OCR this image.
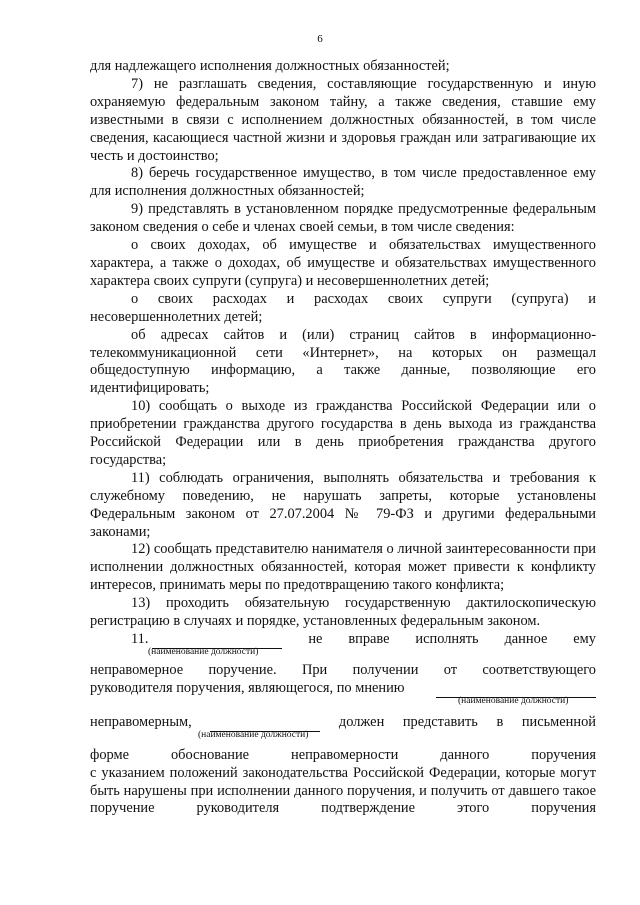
6

для надлежащего исполнения должностных обязанностей;

7) не разглашать сведения, составляющие государственную и иную охраняемую федеральным законом тайну, а также сведения, ставшие ему известными в связи с исполнением должностных обязанностей, в том числе сведения, касающиеся частной жизни и здоровья граждан или затрагивающие их честь и достоинство;

8) беречь государственное имущество, в том числе предоставленное ему для исполнения должностных обязанностей;

9) представлять в установленном порядке предусмотренные федеральным законом сведения о себе и членах своей семьи, в том числе сведения:

о своих доходах, об имуществе и обязательствах имущественного характера, а также о доходах, об имуществе и обязательствах имущественного характера своих супруги (супруга) и несовершеннолетних детей;

о своих расходах и расходах своих супруги (супруга) и несовершеннолетних детей;

об адресах сайтов и (или) страниц сайтов в информационно-телекоммуникационной сети «Интернет», на которых он размещал общедоступную информацию, а также данные, позволяющие его идентифицировать;

10) сообщать о выходе из гражданства Российской Федерации или о приобретении гражданства другого государства в день выхода из гражданства Российской Федерации или в день приобретения гражданства другого государства;

11) соблюдать ограничения, выполнять обязательства и требования к служебному поведению, не нарушать запреты, которые установлены Федеральным законом от 27.07.2004 № 79-ФЗ и другими федеральными законами;

12) сообщать представителю нанимателя о личной заинтересованности при исполнении должностных обязанностей, которая может привести к конфликту интересов, принимать меры по предотвращению такого конфликта;

13) проходить обязательную государственную дактилоскопическую регистрацию в случаях и порядке, установленных федеральным законом.

11.	не вправе исполнять данное ему
(наименование должности)
неправомерное поручение. При получении от соответствующего
руководителя поручения, являющегося, по мнению
(наименование должности)
неправомерным,	должен представить в письменной
(наименование должности)
форме	обоснование	неправомерности	данного	поручения

с указанием положений законодательства Российской Федерации, которые могут быть нарушены при исполнении данного поручения, и получить от давшего такое поручение руководителя подтверждение этого поручения
